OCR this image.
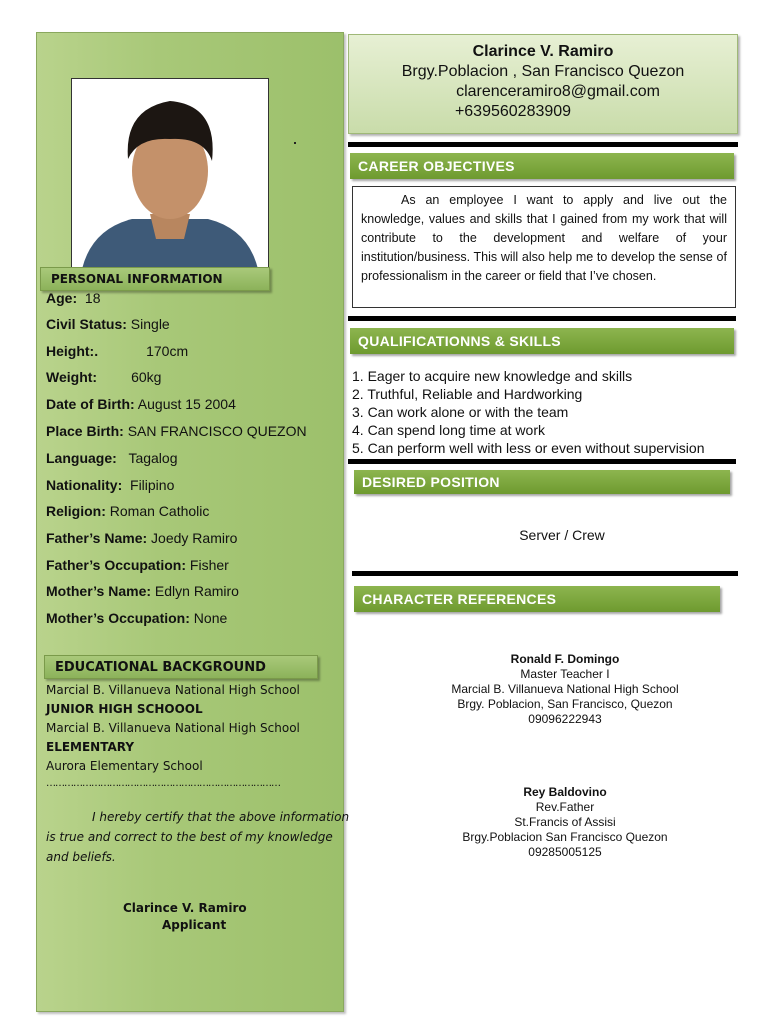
PERSONAL INFORMATION
Age: 18
Civil Status: Single
Height:.	170cm
Weight: 60kg
Date of Birth: August 15 2004
Place Birth: SAN FRANCISCO QUEZON
Language: Tagalog
Nationality: Filipino
Religion: Roman Catholic
Father’s Name: Joedy Ramiro
Father’s Occupation: Fisher
Mother’s Name: Edlyn Ramiro
Mother’s Occupation: None
EDUCATIONAL BACKGROUND
Marcial B. Villanueva National High School
JUNIOR HIGH SCHOOOL
Marcial B. Villanueva National High School
ELEMENTARY
Aurora Elementary School
……………………………………………………………………
I hereby certify that the above information
is true and correct to the best of my knowledge
and beliefs.
Clarince V. Ramiro
Applicant
Clarince V. Ramiro
Brgy.Poblacion , San Francisco Quezon
clarenceramiro8@gmail.com
+639560283909
CAREER OBJECTIVES
As an employee I want to apply and live out the knowledge, values and skills that I gained from my work that will contribute to the development and welfare of your institution/business. This will also help me to develop the sense of professionalism in the career or field that I’ve chosen.
QUALIFICATIONNS & SKILLS
1. Eager to acquire new knowledge and skills
2. Truthful, Reliable and Hardworking
3. Can work alone or with the team
4. Can spend long time at work
5. Can perform well with less or even without supervision
DESIRED POSITION
Server / Crew
CHARACTER REFERENCES
Ronald F. Domingo
Master Teacher I
Marcial B. Villanueva National High School
Brgy. Poblacion, San Francisco, Quezon
09096222943
Rey Baldovino
Rev.Father
St.Francis of Assisi
Brgy.Poblacion San Francisco Quezon
09285005125
